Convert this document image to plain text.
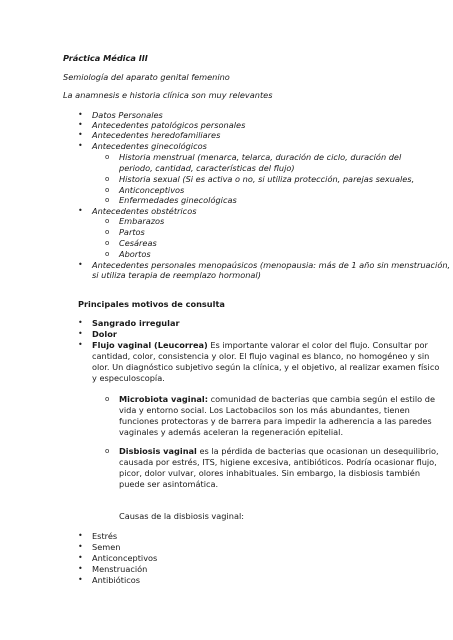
Práctica Médica III
Semiología del aparato genital femenino
La anamnesis e historia clínica son muy relevantes
• Datos Personales
• Antecedentes patológicos personales
• Antecedentes heredofamiliares
• Antecedentes ginecológicos
o Historia menstrual (menarca, telarca, duración de ciclo, duración del
periodo, cantidad, características del flujo)
o Historia sexual (Si es activa o no, si utiliza protección, parejas sexuales,
o Anticonceptivos
o Enfermedades ginecológicas
• Antecedentes obstétricos
o Embarazos
o Partos
o Cesáreas
o Abortos
• Antecedentes personales menopaúsicos (menopausia: más de 1 año sin menstruación,
si utiliza terapia de reemplazo hormonal)
Principales motivos de consulta
• Sangrado irregular
• Dolor
• Flujo vaginal (Leucorrea) Es importante valorar el color del flujo. Consultar por
cantidad, color, consistencia y olor. El flujo vaginal es blanco, no homogéneo y sin
olor. Un diagnóstico subjetivo según la clínica, y el objetivo, al realizar examen físico
y especuloscopía.
o Microbiota vaginal: comunidad de bacterias que cambia según el estilo de
vida y entorno social. Los Lactobacilos son los más abundantes, tienen
funciones protectoras y de barrera para impedir la adherencia a las paredes
vaginales y además aceleran la regeneración epitelial.
o Disbiosis vaginal es la pérdida de bacterias que ocasionan un desequilibrio,
causada por estrés, ITS, higiene excesiva, antibióticos. Podría ocasionar flujo,
picor, dolor vulvar, olores inhabituales. Sin embargo, la disbiosis también
puede ser asintomática.
Causas de la disbiosis vaginal:
• Estrés
• Semen
• Anticonceptivos
• Menstruación
• Antibióticos
